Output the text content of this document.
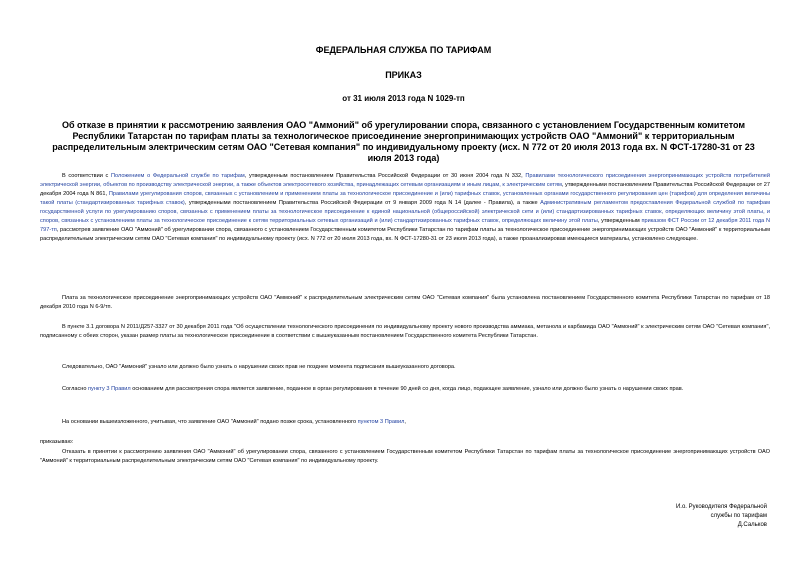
ФЕДЕРАЛЬНАЯ СЛУЖБА ПО ТАРИФАМ
ПРИКАЗ
от 31 июля 2013 года N 1029-тп
Об отказе в принятии к рассмотрению заявления ОАО "Аммоний" об урегулировании спора, связанного с установлением Государственным комитетом Республики Татарстан по тарифам платы за технологическое присоединение энергопринимающих устройств ОАО "Аммоний" к территориальным распределительным электрическим сетям ОАО "Сетевая компания" по индивидуальному проекту (исх. N 772 от 20 июля 2013 года вх. N ФСТ-17280-31 от 23 июля 2013 года)

В соответствии с Положением о Федеральной службе по тарифам, утвержденным постановлением Правительства Российской Федерации от 30 июня 2004 года N 332, Правилами технологического присоединения энергопринимающих устройств потребителей электрической энергии, объектов по производству электрической энергии, а также объектов электросетевого хозяйства, принадлежащих сетевым организациям и иным лицам, к электрическим сетям, утвержденными постановлением Правительства Российской Федерации от 27 декабря 2004 года N 861, Правилами урегулирования споров, связанных с установлением и применением платы за технологическое присоединение и (или) тарифных ставок, установленных органами государственного регулирования цен (тарифов) для определения величины такой платы (стандартизированных тарифных ставок), утвержденными постановлением Правительства Российской Федерации от 9 января 2009 года N 14 (далее - Правила), а также Административным регламентом предоставления Федеральной службой по тарифам государственной услуги по урегулированию споров, связанных с применением платы за технологическое присоединение к единой национальной (общероссийской) электрической сети и (или) стандартизированных тарифных ставок, определяющих величину этой платы, и споров, связанных с установлением платы за технологическое присоединение к сетям территориальных сетевых организаций и (или) стандартизированных тарифных ставок, определяющих величину этой платы, утвержденным приказом ФСТ России от 12 декабря 2011 года N 797-тп, рассмотрев заявление ОАО "Аммоний" об урегулировании спора, связанного с установлением Государственным комитетом Республики Татарстан по тарифам платы за технологическое присоединение энергопринимающих устройств ОАО "Аммоний" к территориальным распределительным электрическим сетям ОАО "Сетевая компания" по индивидуальному проекту (исх. N 772 от 20 июля 2013 года, вх. N ФСТ-17280-31 от 23 июля 2013 года), а также проанализировав имеющиеся материалы, установлено следующее.

Плата за технологическое присоединение энергопринимающих устройств ОАО "Аммоний" к распределительным электрическим сетям ОАО "Сетевая компания" была установлена постановлением Государственного комитета Республики Татарстан по тарифам от 18 декабря 2010 года N 6-9/тп.

В пункте 3.1 договора N 2011/Д257-3327 от 30 декабря 2011 года "Об осуществлении технологического присоединения по индивидуальному проекту нового производства аммиака, метанола и карбамида ОАО "Аммоний" к электрическим сетям ОАО "Сетевая компания", подписанному с обеих сторон, указан размер платы за технологическое присоединение в соответствии с вышеуказанным постановлением Государственного комитета Республики Татарстан.

Следовательно, ОАО "Аммоний" узнало или должно было узнать о нарушении своих прав не позднее момента подписания вышеуказанного договора.

Согласно пункту 3 Правил основанием для рассмотрения спора является заявление, поданное в орган регулирования в течение 90 дней со дня, когда лицо, подающее заявление, узнало или должно было узнать о нарушении своих прав.

На основании вышеизложенного, учитывая, что заявление ОАО "Аммоний" подано позже срока, установленного пунктом 3 Правил,

приказываю:

Отказать в принятии к рассмотрению заявления ОАО "Аммоний" об урегулировании спора, связанного с установлением Государственным комитетом Республики Татарстан по тарифам платы за технологическое присоединение энергопринимающих устройств ОАО "Аммоний" к территориальным распределительным электрическим сетям ОАО "Сетевая компания" по индивидуальному проекту.

И.о. Руководителя Федеральной
службы по тарифам
Д.Сальков
